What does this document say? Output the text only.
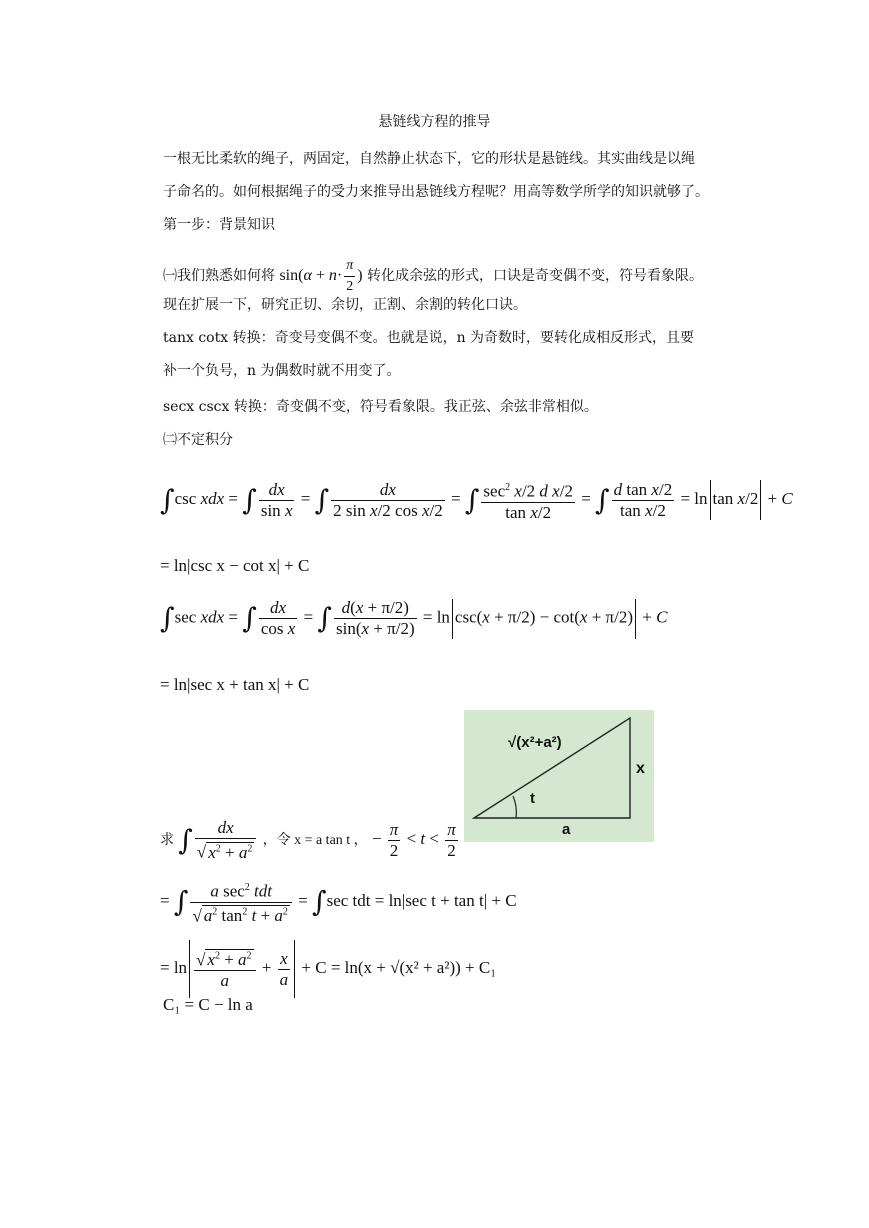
悬链线方程的推导
一根无比柔软的绳子，两固定，自然静止状态下，它的形状是悬链线。其实曲线是以绳
子命名的。如何根据绳子的受力来推导出悬链线方程呢？用高等数学所学的知识就够了。
第一步：背景知识
㈠我们熟悉如何将 $\sin(\alpha + n\cdot \frac{\pi}{2}$ ) 转化成余弦的形式，口诀是奇变偶不变，符号看象限。
现在扩展一下，研究正切、余切，正割、余割的转化口诀。
tanx cotx 转换：奇变号变偶不变。也就是说，n 为奇数时，要转化成相反形式，且要
补一个负号，n 为偶数时就不用变了。
secx cscx 转换：奇变偶不变，符号看象限。我正弦、余弦非常相似。
㈡不定积分
∫csc xdx = ∫ $\frac{dx}{\text{sin x}}$ = ∫ $\frac{dx}{\text{2 sin x/2 cos x/2}}$ = ∫ $\frac{\sec^2 x/2 d x/2}{\text{tan x/2}}$ = ∫ $\frac{\text{d tan x/2}}{\text{tan x/2}} = \ln \tan x/2 + C$
= ln|csc x − cot x| + C
∫sec xdx = ∫ $\frac{dx}{\text{cos x}}$ = ∫ $\frac{d(x + \pi/2)}{\sin(x + \pi/2)} = \ln \csc(x + \pi/2) - \cot(x + \pi/2) + C$
= ln|sec x + tan x| + C
√(x²+a²)
x
t
a
求 ∫ $\frac{dx}{√ x^2 + a^2}$ ，令 x = a tan t ， − $\frac{\pi}{2} < t < \frac{\pi}{2}$
= ∫ $\frac{a \sec^2 tdt}{√ a^2 \tan^2 t + a^2} = \int\sec$ tdt = ln|sec t + tan t| + C
= $\ln \frac{√ x^2 + a^2}{a} + \frac{x}{a} + C = \ln(x + √(x^2 + a^2)) + C_1$
C₁ = C − ln a
